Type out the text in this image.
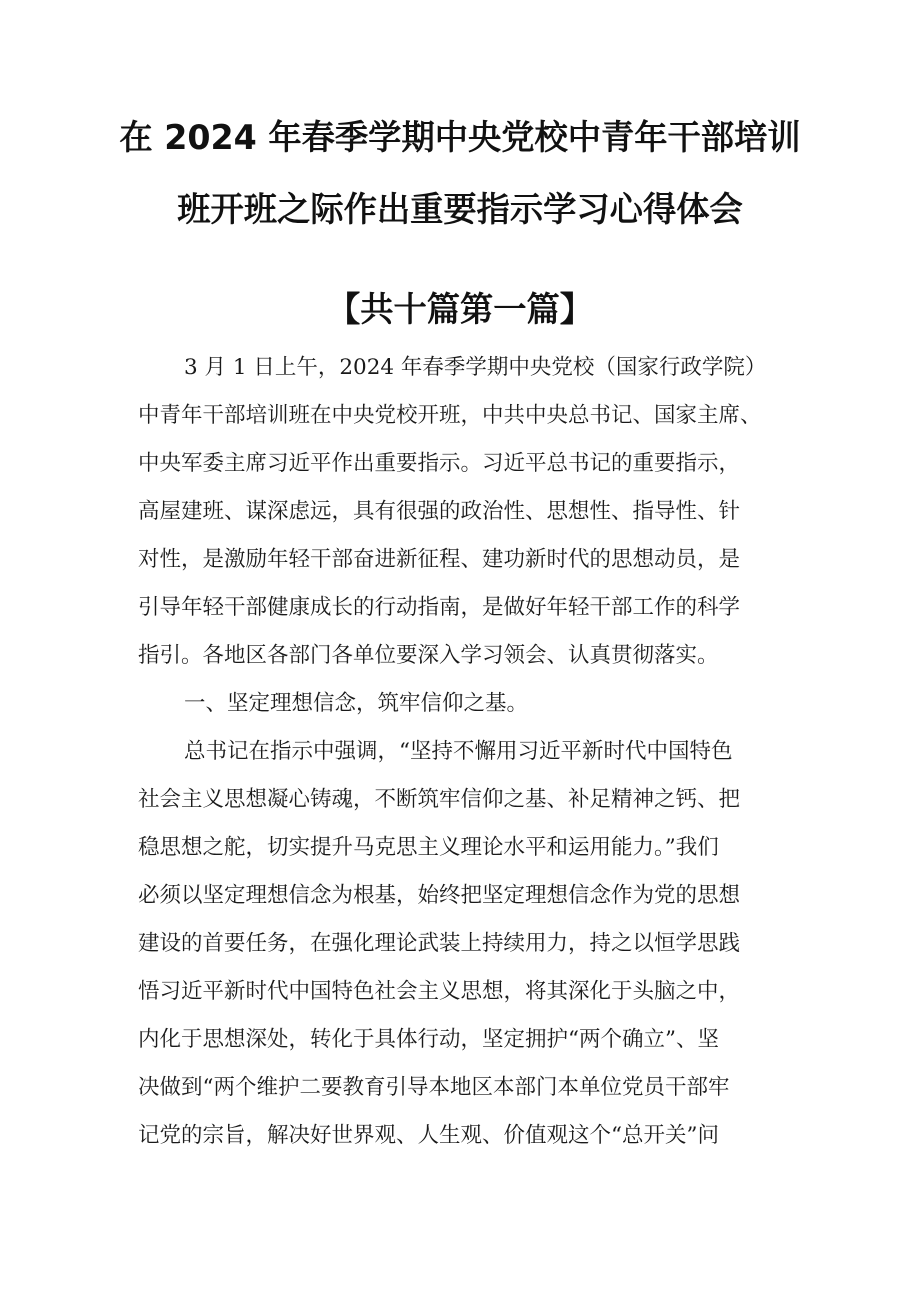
在 2024 年春季学期中央党校中青年干部培训
班开班之际作出重要指示学习心得体会
【共十篇第一篇】
3 月 1 日上午，2024 年春季学期中央党校（国家行政学院）
中青年干部培训班在中央党校开班，中共中央总书记、国家主席、
中央军委主席习近平作出重要指示。习近平总书记的重要指示，
高屋建班、谋深虑远，具有很强的政治性、思想性、指导性、针
对性，是激励年轻干部奋进新征程、建功新时代的思想动员，是
引导年轻干部健康成长的行动指南，是做好年轻干部工作的科学
指引。各地区各部门各单位要深入学习领会、认真贯彻落实。
一、坚定理想信念，筑牢信仰之基。
总书记在指示中强调，“坚持不懈用习近平新时代中国特色
社会主义思想凝心铸魂，不断筑牢信仰之基、补足精神之钙、把
稳思想之舵，切实提升马克思主义理论水平和运用能力。”我们
必须以坚定理想信念为根基，始终把坚定理想信念作为党的思想
建设的首要任务，在强化理论武装上持续用力，持之以恒学思践
悟习近平新时代中国特色社会主义思想，将其深化于头脑之中，
内化于思想深处，转化于具体行动，坚定拥护“两个确立”、坚
决做到“两个维护二要教育引导本地区本部门本单位党员干部牢
记党的宗旨，解决好世界观、人生观、价值观这个“总开关”问
